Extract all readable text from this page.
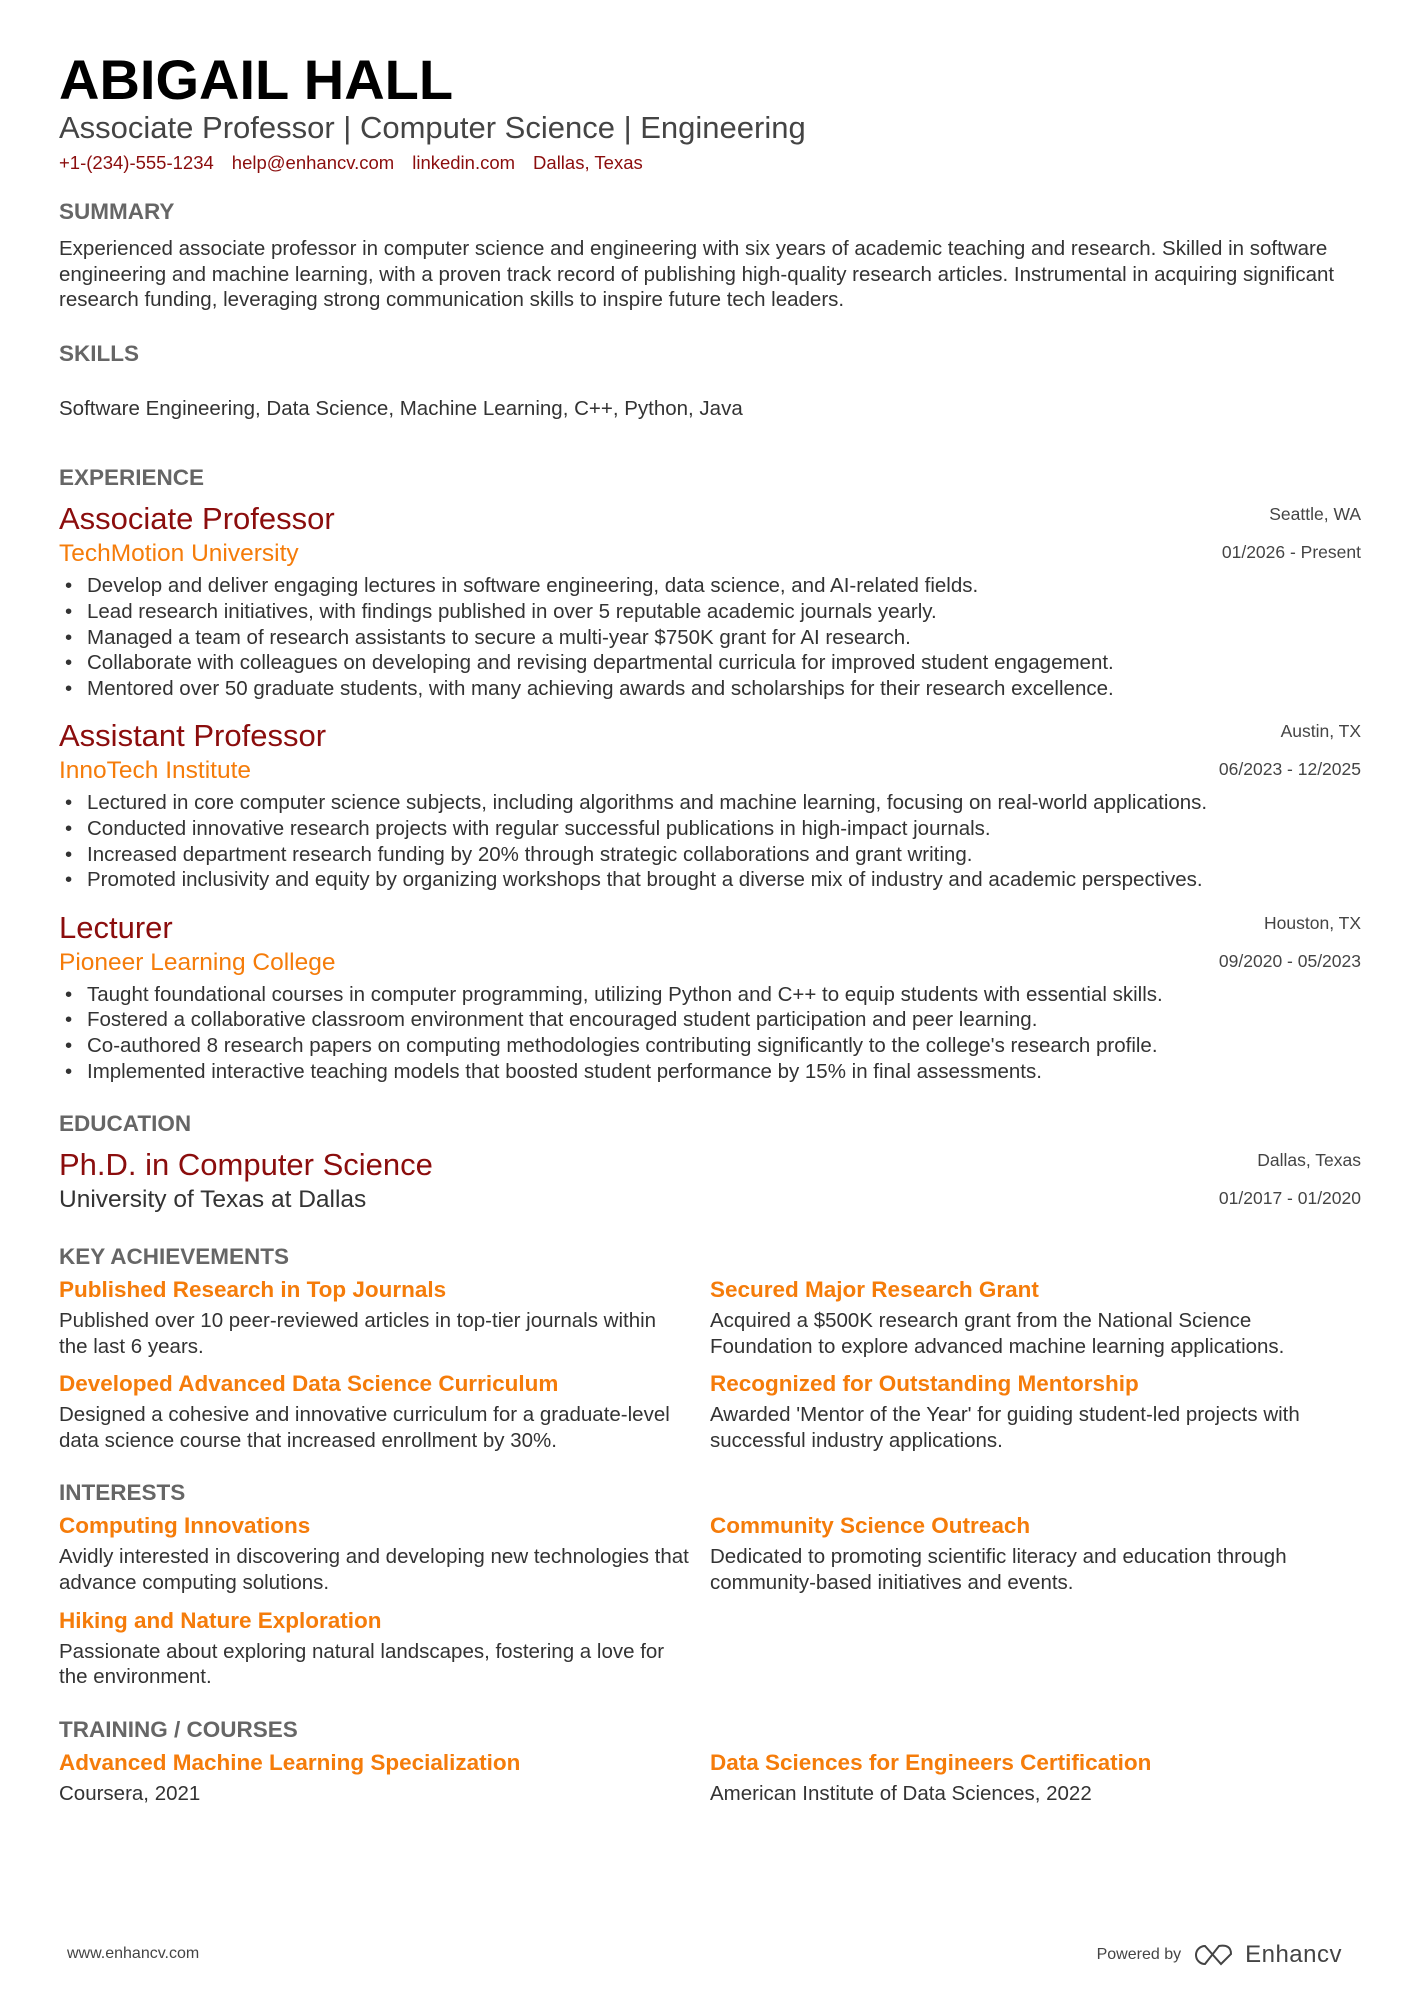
ABIGAIL HALL
Associate Professor | Computer Science | Engineering
+1-(234)-555-1234 help@enhancv.com linkedin.com Dallas, Texas
SUMMARY
Experienced associate professor in computer science and engineering with six years of academic teaching and research. Skilled in software engineering and machine learning, with a proven track record of publishing high-quality research articles. Instrumental in acquiring significant research funding, leveraging strong communication skills to inspire future tech leaders.
SKILLS
Software Engineering, Data Science, Machine Learning, C++, Python, Java
EXPERIENCE
Associate Professor
TechMotion University
Seattle, WA
01/2026 - Present
• Develop and deliver engaging lectures in software engineering, data science, and AI-related fields.
• Lead research initiatives, with findings published in over 5 reputable academic journals yearly.
• Managed a team of research assistants to secure a multi-year $750K grant for AI research.
• Collaborate with colleagues on developing and revising departmental curricula for improved student engagement.
• Mentored over 50 graduate students, with many achieving awards and scholarships for their research excellence.
Assistant Professor
InnoTech Institute
Austin, TX
06/2023 - 12/2025
• Lectured in core computer science subjects, including algorithms and machine learning, focusing on real-world applications.
• Conducted innovative research projects with regular successful publications in high-impact journals.
• Increased department research funding by 20% through strategic collaborations and grant writing.
• Promoted inclusivity and equity by organizing workshops that brought a diverse mix of industry and academic perspectives.
Lecturer
Pioneer Learning College
Houston, TX
09/2020 - 05/2023
• Taught foundational courses in computer programming, utilizing Python and C++ to equip students with essential skills.
• Fostered a collaborative classroom environment that encouraged student participation and peer learning.
• Co-authored 8 research papers on computing methodologies contributing significantly to the college's research profile.
• Implemented interactive teaching models that boosted student performance by 15% in final assessments.
EDUCATION
Ph.D. in Computer Science
University of Texas at Dallas
Dallas, Texas
01/2017 - 01/2020
KEY ACHIEVEMENTS
Published Research in Top Journals
Published over 10 peer-reviewed articles in top-tier journals within the last 6 years.
Secured Major Research Grant
Acquired a $500K research grant from the National Science Foundation to explore advanced machine learning applications.
Developed Advanced Data Science Curriculum
Designed a cohesive and innovative curriculum for a graduate-level data science course that increased enrollment by 30%.
Recognized for Outstanding Mentorship
Awarded 'Mentor of the Year' for guiding student-led projects with successful industry applications.
INTERESTS
Computing Innovations
Avidly interested in discovering and developing new technologies that advance computing solutions.
Community Science Outreach
Dedicated to promoting scientific literacy and education through community-based initiatives and events.
Hiking and Nature Exploration
Passionate about exploring natural landscapes, fostering a love for the environment.
TRAINING / COURSES
Advanced Machine Learning Specialization
Coursera, 2021
Data Sciences for Engineers Certification
American Institute of Data Sciences, 2022
www.enhancv.com	Powered by	Enhancv
